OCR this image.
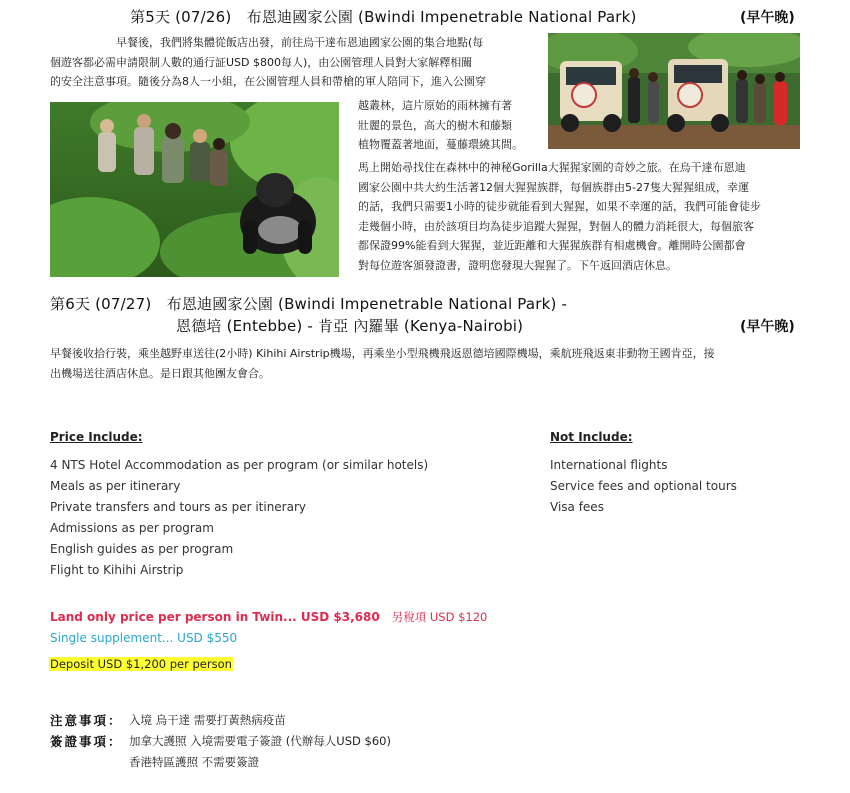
第5天 (07/26)　布恩迪國家公園 (Bwindi Impenetrable National Park)	(早午晚)
　　　　　　早餐後，我們將集體從飯店出發，前往烏干達布恩迪國家公園的集合地點(每
個遊客都必需申請限制人數的通行証USD $800每人)，由公園管理人員對大家解釋相關
的安全注意事項。隨後分為8人一小組，在公園管理人員和帶槍的軍人陪同下，進入公園穿
越叢林，這片原始的雨林擁有著
壯麗的景色，高大的樹木和藤類
植物覆蓋著地面，蔓藤環繞其間。
馬上開始尋找住在森林中的神秘Gorilla大猩猩家園的奇妙之旅。在烏干達布恩迪
國家公園中共大約生活著12個大猩猩族群，每個族群由5-27隻大猩猩組成，幸運
的話，我們只需要1小時的徒步就能看到大猩猩，如果不幸運的話，我們可能會徒步
走幾個小時，由於該項目均為徒步追蹤大猩猩，對個人的體力消耗很大，每個旅客
都保證99%能看到大猩猩，並近距離和大猩猩族群有相處機會。離開時公園都會
對每位遊客頒發證書，證明您發現大猩猩了。下午返回酒店休息。
第6天 (07/27)　布恩迪國家公園 (Bwindi Impenetrable National Park) -
恩德培 (Entebbe) - 肯亞 內羅畢 (Kenya-Nairobi)	(早午晚)
早餐後收拾行裝，乘坐越野車送往(2小時) Kihihi Airstrip機場，再乘坐小型飛機飛返恩德培國際機場，乘航班飛返東非動物王國肯亞，接
出機場送往酒店休息。是日跟其他團友會合。
Price Include:
4 NTS Hotel Accommodation as per program (or similar hotels)
Meals as per itinerary
Private transfers and tours as per itinerary
Admissions as per program
English guides as per program
Flight to Kihihi Airstrip
Not Include:
International flights
Service fees and optional tours
Visa fees
Land only price per person in Twin... USD $3,680 另稅項 USD $120
Single supplement... USD $550
Deposit USD $1,200 per person
注意事項： 入境 烏干達 需要打黃熱病疫苗
簽證事項： 加拿大護照 入境需要電子簽證 (代辦每人USD $60)
香港特區護照 不需要簽證
